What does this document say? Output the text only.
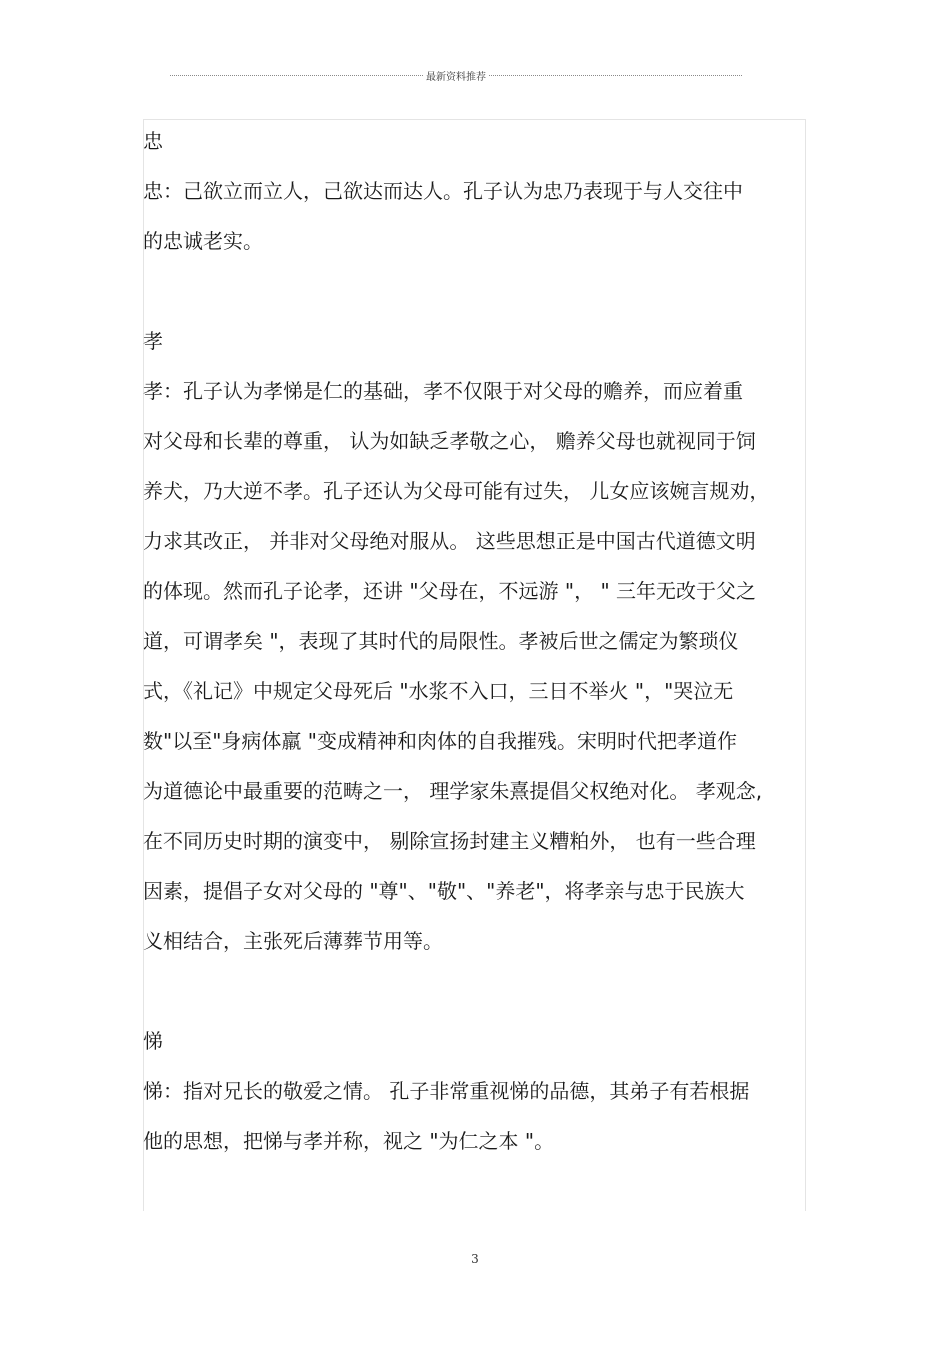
最新资料推荐

忠

忠：己欲立而立人，己欲达而达人。孔子认为忠乃表现于与人交往中

的忠诚老实。

孝

孝：孔子认为孝悌是仁的基础，孝不仅限于对父母的赡养，而应着重

对父母和长辈的尊重， 认为如缺乏孝敬之心， 赡养父母也就视同于饲

养犬，乃大逆不孝。孔子还认为父母可能有过失， 儿女应该婉言规劝，

力求其改正， 并非对父母绝对服从。 这些思想正是中国古代道德文明

的体现。然而孔子论孝，还讲 "父母在，不远游 "， " 三年无改于父之

道，可谓孝矣 "，表现了其时代的局限性。孝被后世之儒定为繁琐仪

式，《礼记》中规定父母死后 "水浆不入口，三日不举火 "，"哭泣无

数"以至"身病体羸 "变成精神和肉体的自我摧残。宋明时代把孝道作

为道德论中最重要的范畴之一， 理学家朱熹提倡父权绝对化。 孝观念,

在不同历史时期的演变中， 剔除宣扬封建主义糟粕外， 也有一些合理

因素，提倡子女对父母的 "尊"、"敬"、"养老"，将孝亲与忠于民族大

义相结合，主张死后薄葬节用等。

悌

悌：指对兄长的敬爱之情。 孔子非常重视悌的品德，其弟子有若根据

他的思想，把悌与孝并称，视之 "为仁之本 "。

3
